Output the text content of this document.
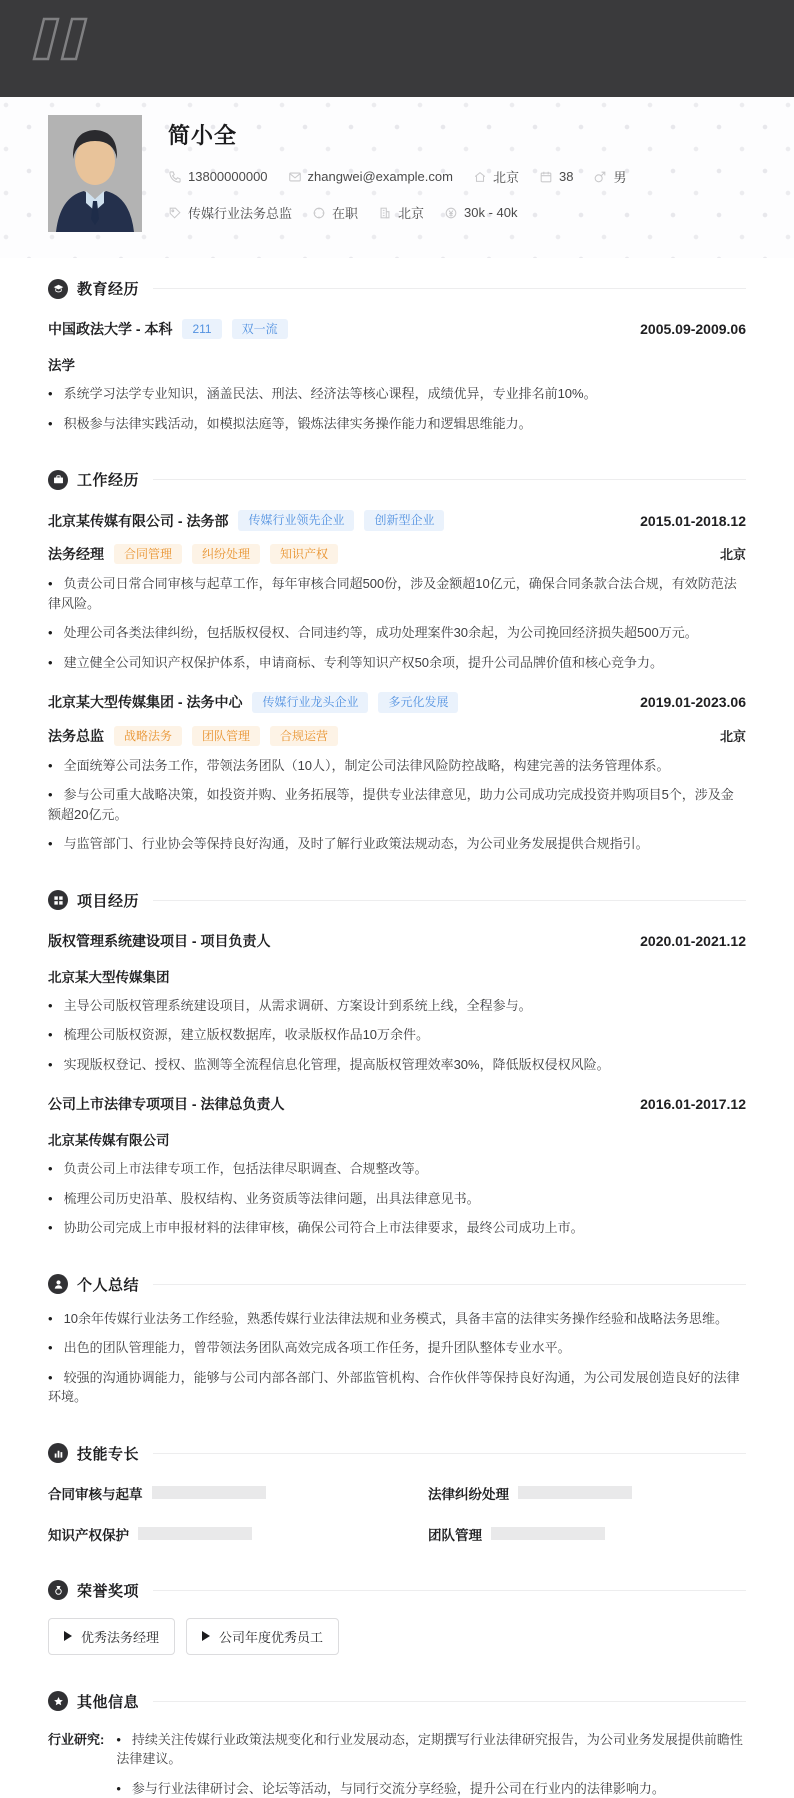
简小全
13800000000	zhangwei@example.com	北京	38	男
传媒行业法务总监	在职	北京	30k - 40k
教育经历
中国政法大学 - 本科	211	双一流	2005.09-2009.06
法学
• 系统学习法学专业知识，涵盖民法、刑法、经济法等核心课程，成绩优异，专业排名前10%。
• 积极参与法律实践活动，如模拟法庭等，锻炼法律实务操作能力和逻辑思维能力。
工作经历
北京某传媒有限公司 - 法务部	传媒行业领先企业	创新型企业	2015.01-2018.12
法务经理	合同管理	纠纷处理	知识产权	北京
• 负责公司日常合同审核与起草工作，每年审核合同超500份，涉及金额超10亿元，确保合同条款合法合规，有效防范法律风险。
• 处理公司各类法律纠纷，包括版权侵权、合同违约等，成功处理案件30余起，为公司挽回经济损失超500万元。
• 建立健全公司知识产权保护体系，申请商标、专利等知识产权50余项，提升公司品牌价值和核心竞争力。
北京某大型传媒集团 - 法务中心	传媒行业龙头企业	多元化发展	2019.01-2023.06
法务总监	战略法务	团队管理	合规运营	北京
• 全面统筹公司法务工作，带领法务团队（10人），制定公司法律风险防控战略，构建完善的法务管理体系。
• 参与公司重大战略决策，如投资并购、业务拓展等，提供专业法律意见，助力公司成功完成投资并购项目5个，涉及金额超20亿元。
• 与监管部门、行业协会等保持良好沟通，及时了解行业政策法规动态，为公司业务发展提供合规指引。
项目经历
版权管理系统建设项目 - 项目负责人	2020.01-2021.12
北京某大型传媒集团
• 主导公司版权管理系统建设项目，从需求调研、方案设计到系统上线，全程参与。
• 梳理公司版权资源，建立版权数据库，收录版权作品10万余件。
• 实现版权登记、授权、监测等全流程信息化管理，提高版权管理效率30%，降低版权侵权风险。
公司上市法律专项项目 - 法律总负责人	2016.01-2017.12
北京某传媒有限公司
• 负责公司上市法律专项工作，包括法律尽职调查、合规整改等。
• 梳理公司历史沿革、股权结构、业务资质等法律问题，出具法律意见书。
• 协助公司完成上市申报材料的法律审核，确保公司符合上市法律要求，最终公司成功上市。
个人总结
• 10余年传媒行业法务工作经验，熟悉传媒行业法律法规和业务模式，具备丰富的法律实务操作经验和战略法务思维。
• 出色的团队管理能力，曾带领法务团队高效完成各项工作任务，提升团队整体专业水平。
• 较强的沟通协调能力，能够与公司内部各部门、外部监管机构、合作伙伴等保持良好沟通，为公司发展创造良好的法律环境。
技能专长
合同审核与起草	法律纠纷处理
知识产权保护	团队管理
荣誉奖项
优秀法务经理	公司年度优秀员工
其他信息
行业研究: • 持续关注传媒行业政策法规变化和行业发展动态，定期撰写行业法律研究报告，为公司业务发展提供前瞻性法律建议。
• 参与行业法律研讨会、论坛等活动，与同行交流分享经验，提升公司在行业内的法律影响力。
